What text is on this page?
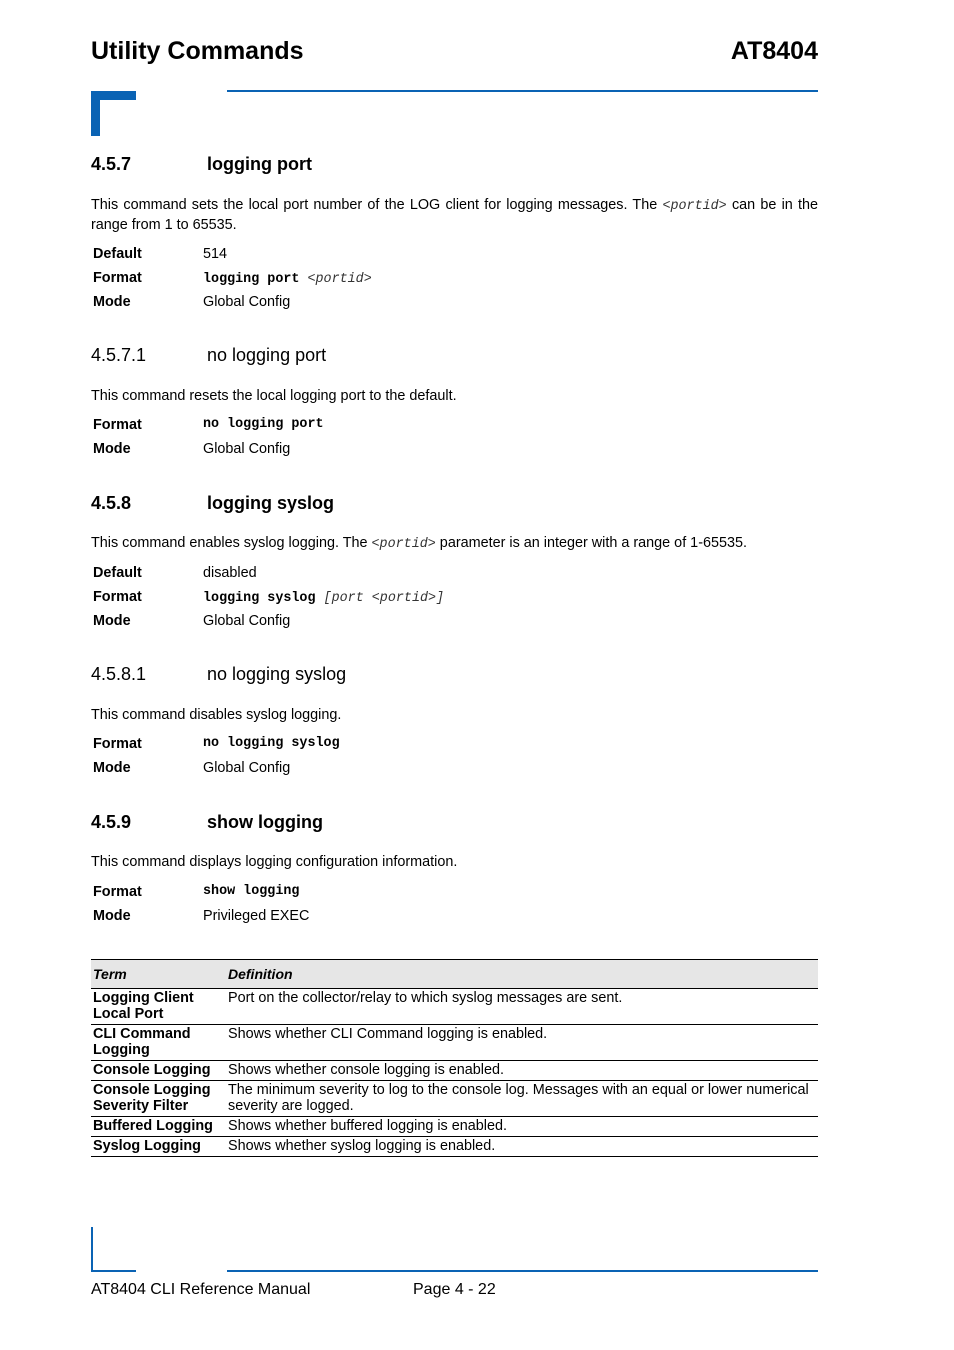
Utility Commands	AT8404
4.5.7	logging port
This command sets the local port number of the LOG client for logging messages. The <portid> can be in the range from 1 to 65535.
Default	514
Format	logging port <portid>
Mode	Global Config
4.5.7.1	no logging port
This command resets the local logging port to the default.
Format	no logging port
Mode	Global Config
4.5.8	logging syslog
This command enables syslog logging. The <portid> parameter is an integer with a range of 1-65535.
Default	disabled
Format	logging syslog [port <portid>]
Mode	Global Config
4.5.8.1	no logging syslog
This command disables syslog logging.
Format	no logging syslog
Mode	Global Config
4.5.9	show logging
This command displays logging configuration information.
Format	show logging
Mode	Privileged EXEC
Term	Definition
Logging Client Local Port	Port on the collector/relay to which syslog messages are sent.
CLI Command Logging	Shows whether CLI Command logging is enabled.
Console Logging	Shows whether console logging is enabled.
Console Logging Severity Filter	The minimum severity to log to the console log. Messages with an equal or lower numerical severity are logged.
Buffered Logging	Shows whether buffered logging is enabled.
Syslog Logging	Shows whether syslog logging is enabled.
AT8404 CLI Reference Manual	Page 4 - 22
